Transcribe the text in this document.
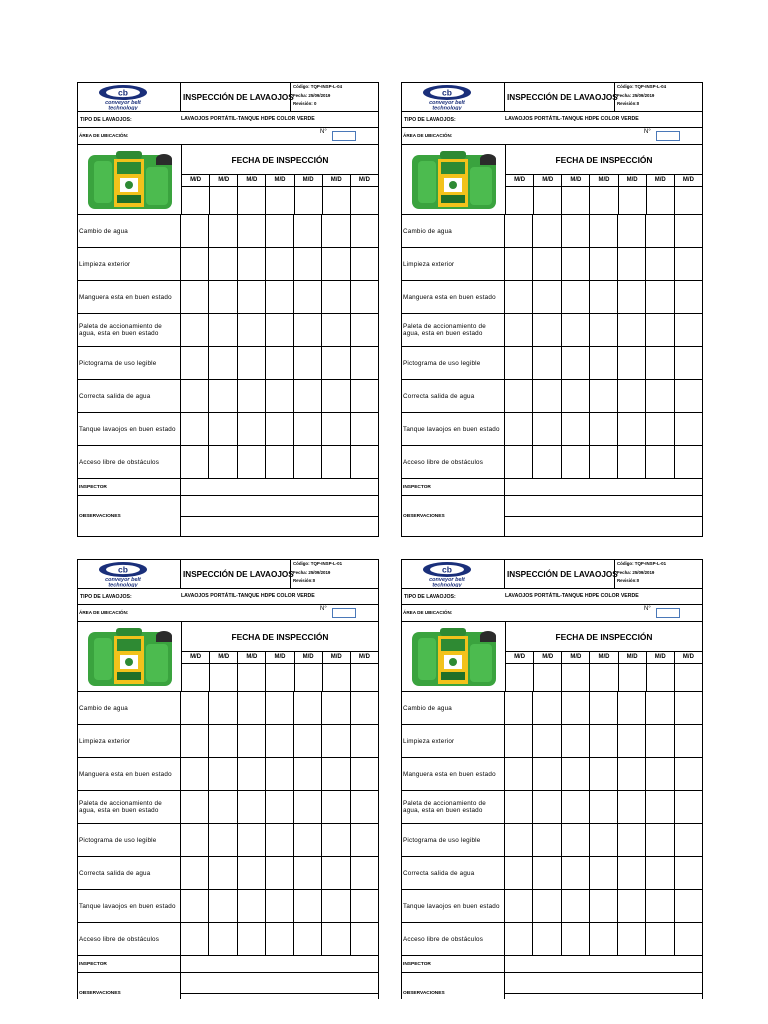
cb
conveyor belt
technology
INSPECCIÓN DE LAVAOJOS
Código: TQP-INSP-L-04
Fecha: 25/09/2019
Revisión: 0
TIPO DE LAVAOJOS:	LAVAOJOS PORTÁTIL-TANQUE HDPE COLOR VERDE
ÁREA DE UBICACIÓN:
N°
FECHA DE INSPECCIÓN
M/D	M/D	M/D	M/D	M/D	M/D	M/D
Cambio de agua
Limpieza exterior
Manguera esta en buen estado
Paleta de accionamiento de agua, esta en buen estado
Pictograma de uso legible
Correcta salida de agua
Tanque lavaojos en buen estado
Acceso libre de obstáculos
INSPECTOR
OBSERVACIONES
cb
conveyor belt
technology
INSPECCIÓN DE LAVAOJOS
Código: TQP-INSP-L-04
Fecha: 25/09/2019
Revisión:0
TIPO DE LAVAOJOS:	LAVAOJOS PORTÁTIL-TANQUE HDPE COLOR VERDE
ÁREA DE UBICACIÓN:
N°
FECHA DE INSPECCIÓN
M/D	M/D	M/D	M/D	M/D	M/D	M/D
Cambio de agua
Limpieza exterior
Manguera esta en buen estado
Paleta de accionamiento de agua, esta en buen estado
Pictograma de uso legible
Correcta salida de agua
Tanque lavaojos en buen estado
Acceso libre de obstáculos
INSPECTOR
OBSERVACIONES
cb
conveyor belt
technology
INSPECCIÓN DE LAVAOJOS
Código: TQP-INSP-L-01
Fecha: 25/09/2019
Revisión:0
TIPO DE LAVAOJOS:	LAVAOJOS PORTÁTIL-TANQUE HDPE COLOR VERDE
ÁREA DE UBICACIÓN:
N°
FECHA DE INSPECCIÓN
M/D	M/D	M/D	M/D	M/D	M/D	M/D
Cambio de agua
Limpieza exterior
Manguera esta en buen estado
Paleta de accionamiento de agua, esta en buen estado
Pictograma de uso legible
Correcta salida de agua
Tanque lavaojos en buen estado
Acceso libre de obstáculos
INSPECTOR
OBSERVACIONES
cb
conveyor belt
technology
INSPECCIÓN DE LAVAOJOS
Código: TQP-INSP-L-01
Fecha: 25/09/2019
Revisión:0
TIPO DE LAVAOJOS:	LAVAOJOS PORTÁTIL-TANQUE HDPE COLOR VERDE
ÁREA DE UBICACIÓN:
N°
FECHA DE INSPECCIÓN
M/D	M/D	M/D	M/D	M/D	M/D	M/D
Cambio de agua
Limpieza exterior
Manguera esta en buen estado
Paleta de accionamiento de agua, esta en buen estado
Pictograma de uso legible
Correcta salida de agua
Tanque lavaojos en buen estado
Acceso libre de obstáculos
INSPECTOR
OBSERVACIONES
